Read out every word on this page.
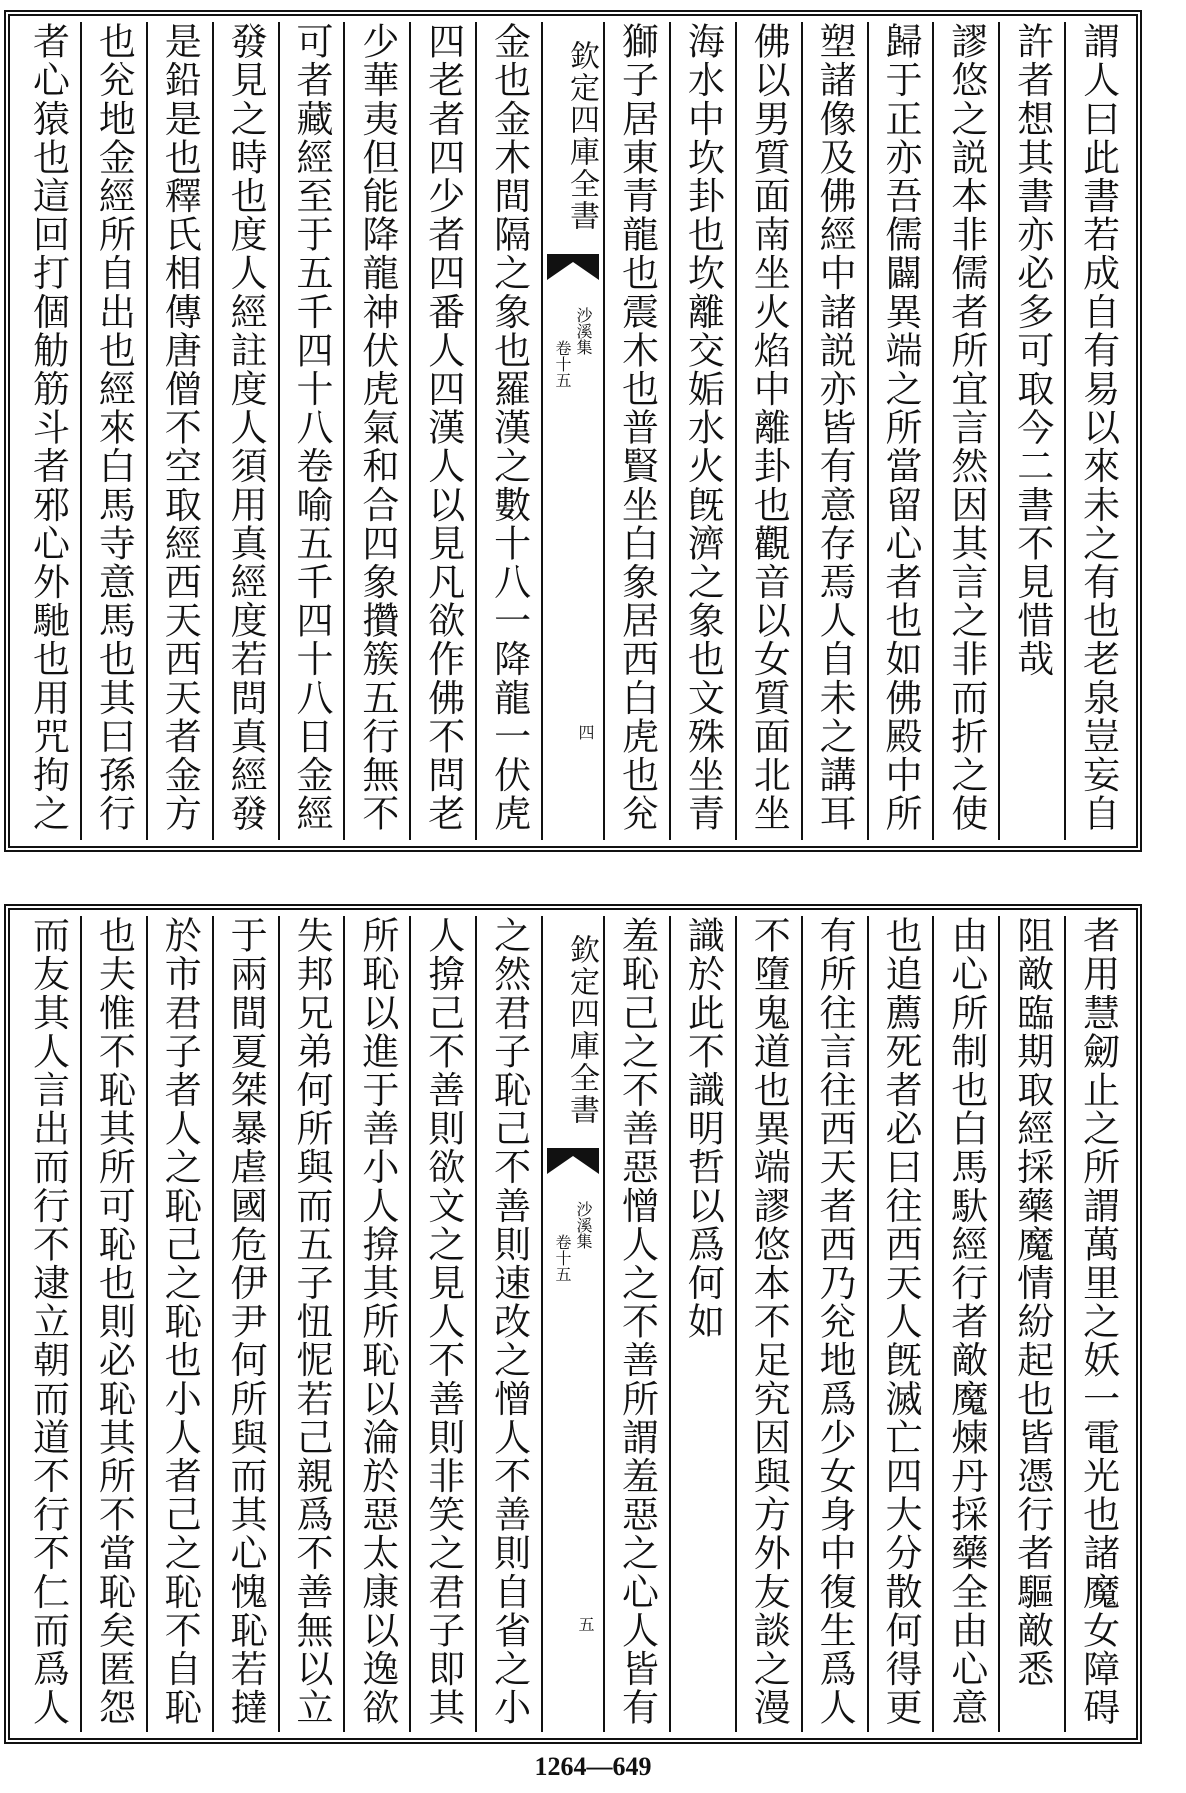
謂人曰此書若成自有易以來未之有也老泉豈妄自
許者想其書亦必多可取今二書不見惜哉
謬悠之説本非儒者所宜言然因其言之非而折之使
歸于正亦吾儒闢異端之所當留心者也如佛殿中所
塑諸像及佛經中諸説亦皆有意存焉人自未之講耳
佛以男質面南坐火焰中離卦也觀音以女質面北坐
海水中坎卦也坎離交姤水火旣濟之象也文殊坐青
獅子居東青龍也震木也普賢坐白象居西白虎也兊
欽定四庫全書
沙溪集
卷十五
四
金也金木間隔之象也羅漢之數十八一降龍一伏虎
四老者四少者四番人四漢人以見凡欲作佛不問老
少華夷但能降龍神伏虎氣和合四象攢簇五行無不
可者藏經至于五千四十八卷喻五千四十八日金經
發見之時也度人經註度人須用真經度若問真經發
是鉛是也釋氏相傳唐僧不空取經西天西天者金方
也兊地金經所自出也經來白馬寺意馬也其曰孫行
者心猿也這回打個觔筋斗者邪心外馳也用咒拘之
者用慧劒止之所謂萬里之妖一電光也諸魔女障碍
阻敵臨期取經採藥魔情紛起也皆憑行者驅敵悉
由心所制也白馬馱經行者敵魔煉丹採藥全由心意
也追薦死者必曰往西天人旣滅亡四大分散何得更
有所往言往西天者西乃兊地爲少女身中復生爲人
不墮鬼道也異端謬悠本不足究因與方外友談之漫
識於此不識明哲以爲何如
羞恥己之不善惡憎人之不善所謂羞惡之心人皆有
欽定四庫全書
沙溪集
卷十五
五
之然君子恥己不善則速改之憎人不善則自省之小
人揜己不善則欲文之見人不善則非笑之君子即其
所恥以進于善小人揜其所恥以淪於惡太康以逸欲
失邦兄弟何所與而五子忸怩若己親爲不善無以立
于兩間夏桀暴虐國危伊尹何所與而其心愧恥若撻
於市君子者人之恥己之恥也小人者己之恥不自恥
也夫惟不恥其所可恥也則必恥其所不當恥矣匿怨
而友其人言出而行不逮立朝而道不行不仁而爲人
1264—649
